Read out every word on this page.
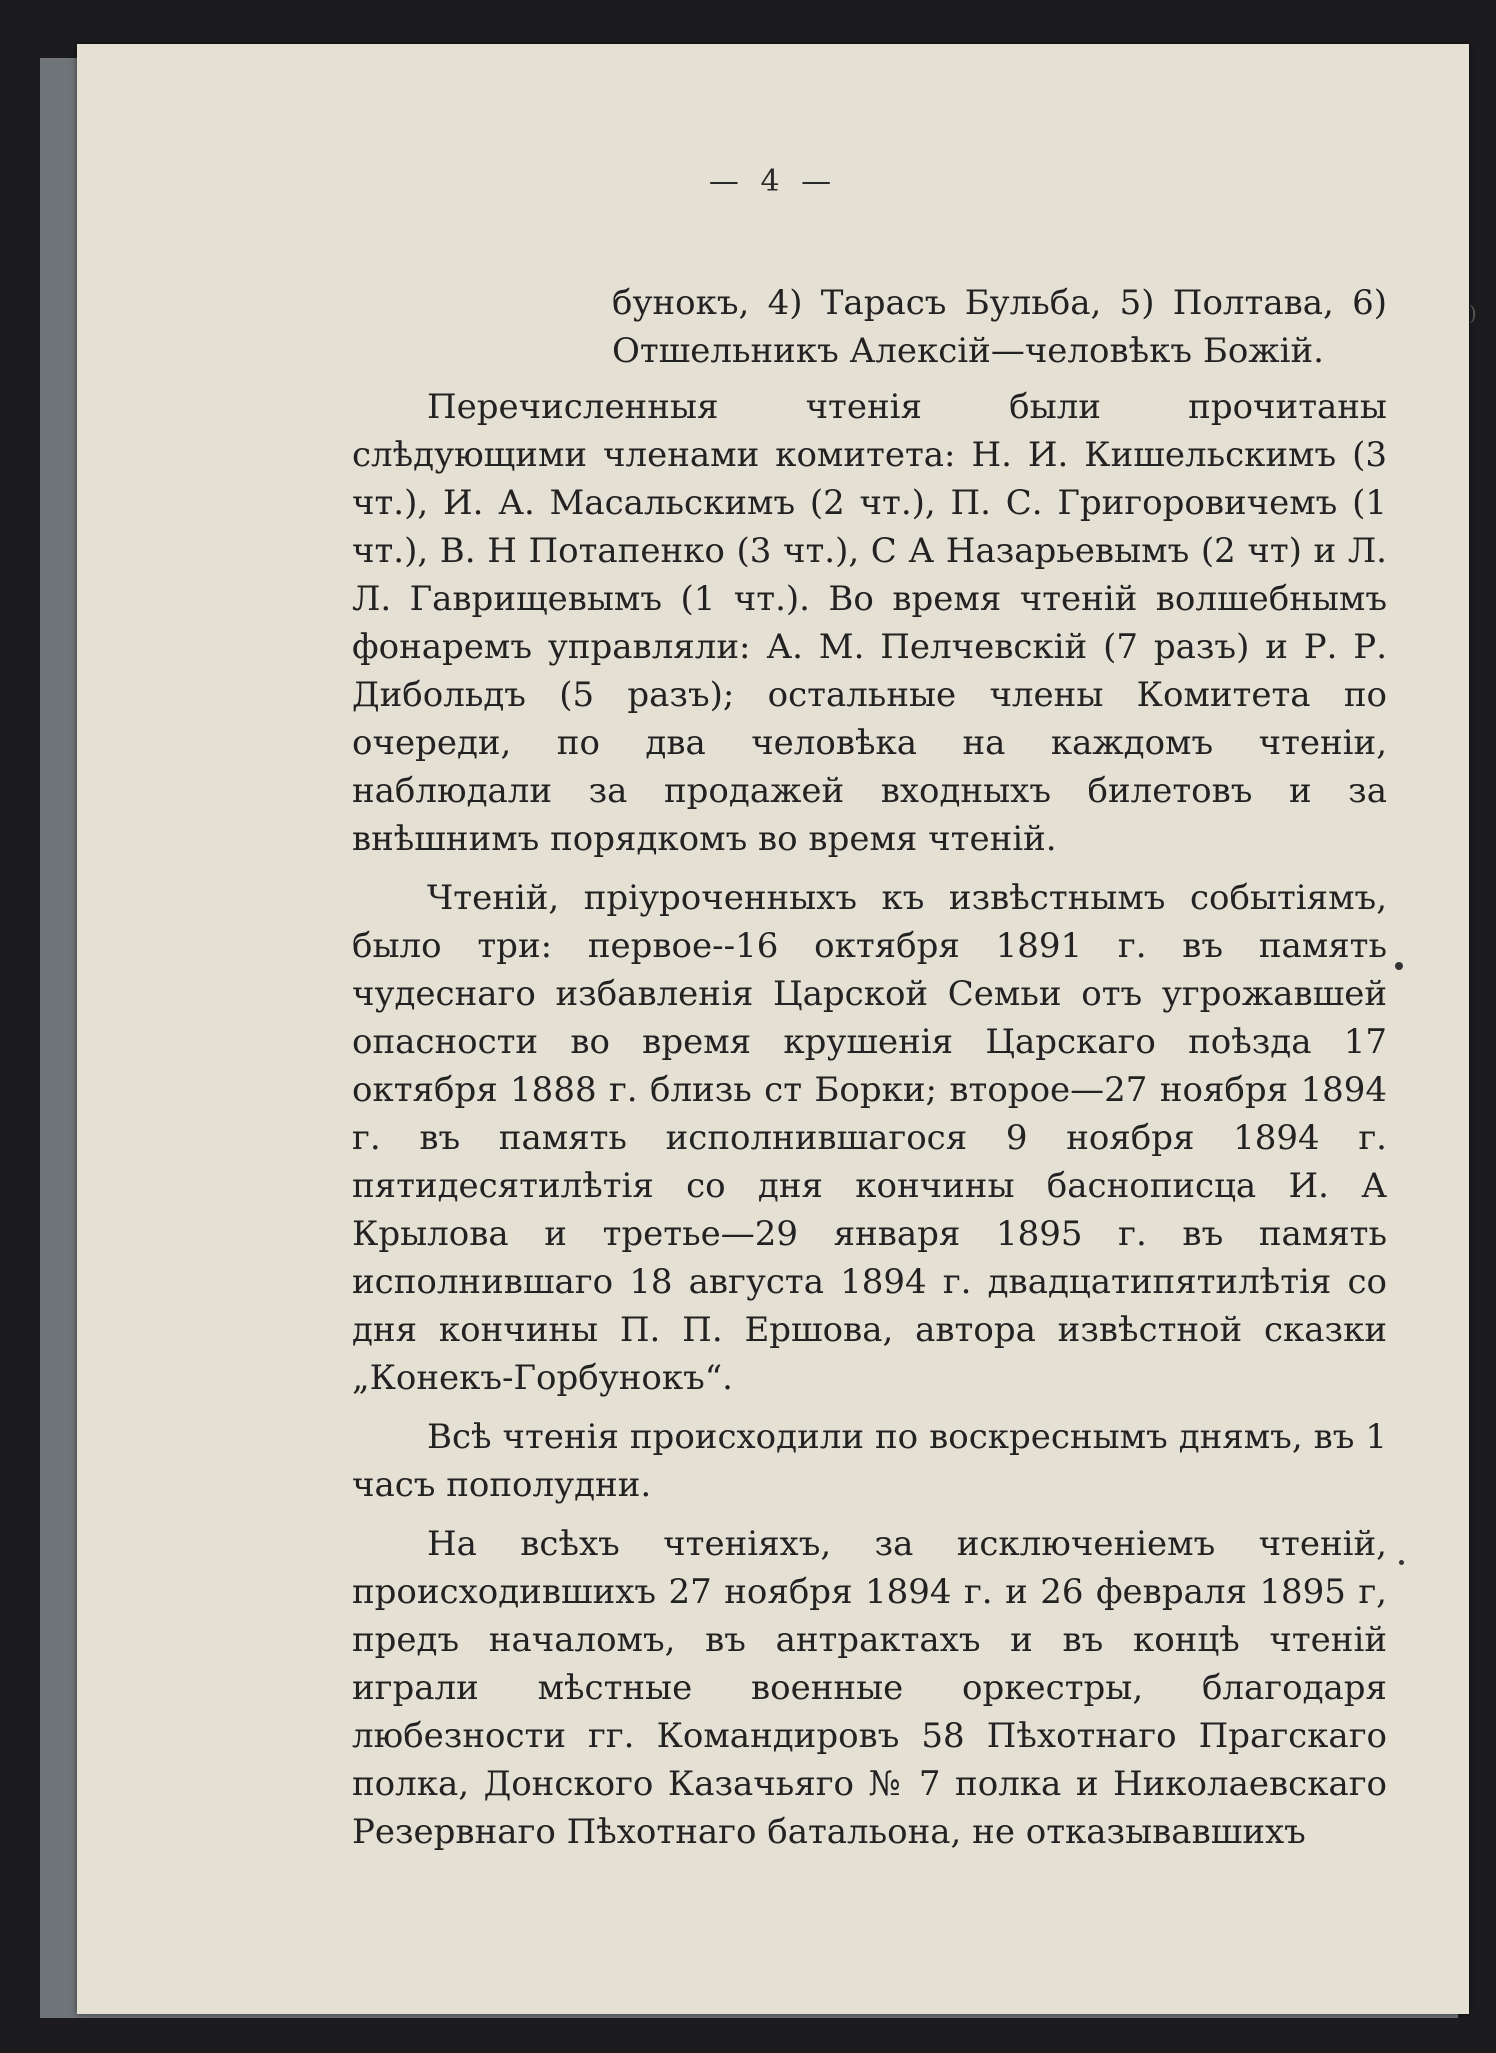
— 4 —
)
бунокъ, 4) Тарасъ Бульба, 5) Полтава, 6) Отшельникъ Алексій—человѣкъ Божій.

Перечисленныя чтенія были прочитаны слѣдующими членами комитета: Н. И. Кишельскимъ (3 чт.), И. А. Масальскимъ (2 чт.), П. С. Григоровичемъ (1 чт.), В. Н Потапенко (3 чт.), С А Назарьевымъ (2 чт) и Л. Л. Гаврищевымъ (1 чт.). Во время чтеній волшебнымъ фонаремъ управляли: А. М. Пелчевскій (7 разъ) и Р. Р. Дибольдъ (5 разъ); остальные члены Комитета по очереди, по два человѣка на каждомъ чтеніи, наблюдали за продажей входныхъ билетовъ и за внѣшнимъ порядкомъ во время чтеній.

Чтеній, пріуроченныхъ къ извѣстнымъ событіямъ, было три: первое--16 октября 1891 г. въ память чудеснаго избавленія Царской Семьи отъ угрожавшей опасности во время крушенія Царскаго поѣзда 17 октября 1888 г. близь ст Борки; второе—27 ноября 1894 г. въ память исполнившагося 9 ноября 1894 г. пятидесятилѣтія со дня кончины баснописца И. А Крылова и третье—29 января 1895 г. въ память исполнившаго 18 августа 1894 г. двадцатипятилѣтія со дня кончины П. П. Ершова, автора извѣстной сказки „Конекъ-Горбунокъ“.

Всѣ чтенія происходили по воскреснымъ днямъ, въ 1 часъ пополудни.

На всѣхъ чтеніяхъ, за исключеніемъ чтеній, происходившихъ 27 ноября 1894 г. и 26 февраля 1895 г, предъ началомъ, въ антрактахъ и въ концѣ чтеній играли мѣстные военные оркестры, благодаря любезности гг. Командировъ 58 Пѣхотнаго Прагскаго полка, Донского Казачьяго № 7 полка и Николаевскаго Резервнаго Пѣхотнаго батальона, не отказывавшихъ
